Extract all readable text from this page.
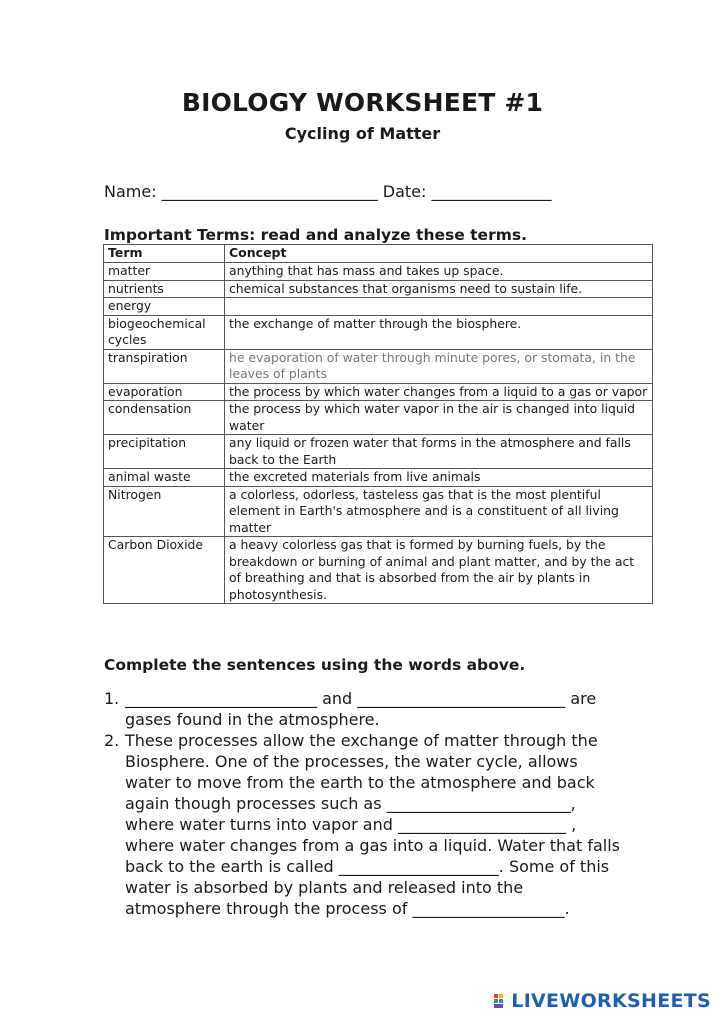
BIOLOGY WORKSHEET #1
Cycling of Matter
Name: ___________________________ Date: _______________
Important Terms: read and analyze these terms.
Term	Concept
matter	anything that has mass and takes up space.
nutrients	chemical substances that organisms need to sustain life.
energy	
biogeochemical cycles	the exchange of matter through the biosphere.
transpiration	he evaporation of water through minute pores, or stomata, in the leaves of plants
evaporation	the process by which water changes from a liquid to a gas or vapor
condensation	the process by which water vapor in the air is changed into liquid water
precipitation	any liquid or frozen water that forms in the atmosphere and falls back to the Earth
animal waste	the excreted materials from live animals
Nitrogen	a colorless, odorless, tasteless gas that is the most plentiful element in Earth's atmosphere and is a constituent of all living matter
Carbon Dioxide	a heavy colorless gas that is formed by burning fuels, by the breakdown or burning of animal and plant matter, and by the act of breathing and that is absorbed from the air by plants in photosynthesis.
Complete the sentences using the words above.
1. ________________________ and __________________________ are gases found in the atmosphere.
2. These processes allow the exchange of matter through the Biosphere. One of the processes, the water cycle, allows water to move from the earth to the atmosphere and back again though processes such as _______________________, where water turns into vapor and _____________________ , where water changes from a gas into a liquid. Water that falls back to the earth is called ____________________. Some of this water is absorbed by plants and released into the atmosphere through the process of ___________________.
LIVEWORKSHEETS
